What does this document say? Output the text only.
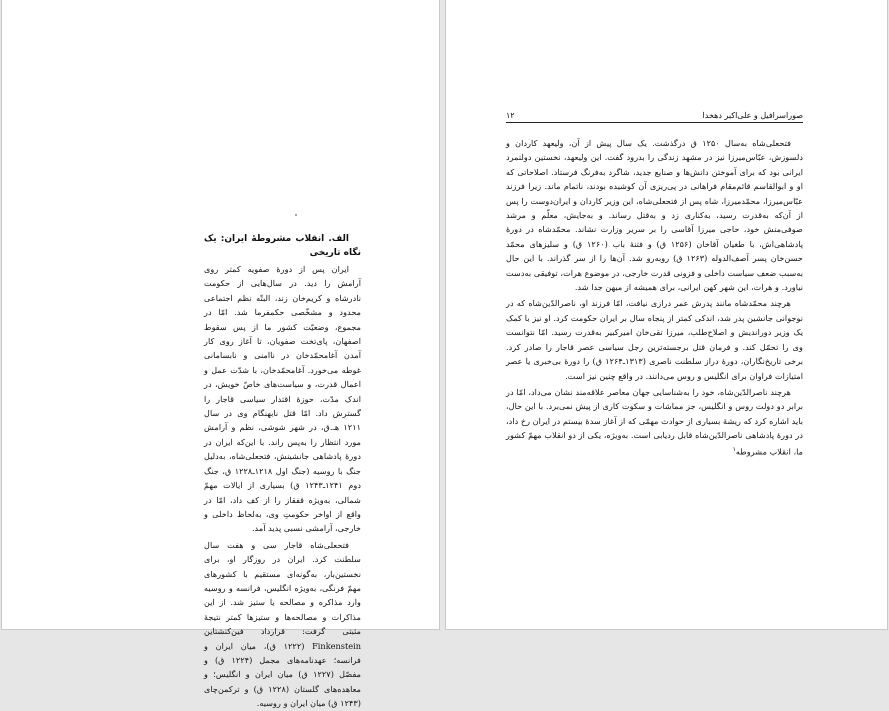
الف. انقلاب مشروطهٔ ایران: یک نگاه تاریخی

ایران پس از دورهٔ صفویه کمتر روی آرامش را دید. در سال‌هایی از حکومت نادرشاه و کریم‌خان زند، البتّه نظم اجتماعی محدود و مشخّصی حکمفرما شد. امّا در مجموع، وضعیّت کشور ما از پس سقوط اصفهان، پای‌تخت صفویان، تا آغاز روی کار آمدن آغامحمّدخان در ناامنی و نابسامانی غوطه می‌خورد. آغامحمّدخان، با شدّت عمل و اعمال قدرت، و سیاست‌های خاصّ خویش، در اندک مدّت، حوزهٔ اقتدار سیاسی قاجار را گسترش داد. امّا قتل نابهنگام وی در سال ۱۲۱۱ هـ.ق، در شهر شوشی، نظم و آرامش مورد انتظار را به‌پس راند. با این‌که ایران در دورهٔ پادشاهی جانشینش، فتحعلی‌شاه، به‌دلیل جنگ با روسیه (جنگ اول ۱۲۱۸ـ۱۲۲۸ ق، جنگ دوم ۱۲۴۱ـ۱۲۴۳ ق) بسیاری از ایالات مهمّ شمالی، به‌ویژه قفقاز را از کف داد، امّا در واقع از اواخر حکومتِ وی، به‌لحاظ داخلی و خارجی، آرامشی نسبی پدید آمد.

فتحعلی‌شاه قاجار سی و هفت سال سلطنت کرد. ایران در روزگار او، برای نخستین‌بار، به‌گونه‌ای مستقیم با کشورهای مهمّ فرنگی، به‌ویژه انگلیس، فرانسه و روسیه وارد مذاکره و مصالحه یا ستیز شد. از این مذاکرات و مصالحه‌ها و ستیزها کمتر نتیجهٔ مثبتی گرفت: قرارداد فین‌کنشتاین Finkenstein (۱۲۲۲ ق)، میان ایران و فرانسه؛ عهدنامه‌های مجمل (۱۲۲۴ ق) و مفصّل (۱۲۲۷ ق) میان ایران و انگلیس؛ و معاهده‌های گلستان (۱۲۲۸ ق) و ترکمن‌چای (۱۲۴۳ ق) میان ایران و روسیه.

صوراسرافیل و علی‌اکبر دهخدا
۱۲

فتحعلی‌شاه به‌سال ۱۲۵۰ ق درگذشت. یک سال پیش از آن، ولیعهد کاردان و دلسوزش، عبّاس‌میرزا نیز در مشهد زندگی را بدرود گفت. این ولیعهد، نخستین دولتمرد ایرانی بود که برای آموختن دانش‌ها و صنایع جدید، شاگرد به‌فرنگ فرستاد. اصلاحاتی که او و ابوالقاسم قائم‌مقام فراهانی در پی‌ریزی آن کوشیده بودند، ناتمام ماند. زیرا فرزند عبّاس‌میرزا، محمّدمیرزا، شاه پس از فتحعلی‌شاه، این وزیر کاردان و ایران‌دوست را پس از آن‌که به‌قدرت رسید، به‌کناری زد و به‌قتل رساند. و به‌جایش، معلّم و مرشد صوفی‌منش خود، حاجی میرزا آقاسی را بر سریر وزارت نشاند. محمّدشاه در دورهٔ پادشاهی‌اش، با طغیان آقاخان (۱۲۵۶ ق) و فتنهٔ باب (۱۲۶۰ ق) و سلیزهای محمّد حسن‌خان پسر آصف‌الدوله (۱۲۶۳ ق) روبه‌رو شد. آن‌ها را از سر گذراند. با این حال به‌سبب ضعف سیاست داخلی و فزونی قدرت خارجی، در موضوع هرات، توفیقی به‌دست نیاورد. و هرات، این شهر کهن ایرانی، برای همیشه از میهن جدا شد.

هرچند محمّدشاه مانند پدرش عمر درازی نیافت، امّا فرزند او، ناصرالدّین‌شاه که در نوجوانی جانشین پدر شد، اندکی کمتر از پنجاه سال بر ایران حکومت کرد. او نیز با کمک یک وزیر دوراندیش و اصلاح‌طلب، میرزا تقی‌خان امیرکبیر به‌قدرت رسید. امّا نتوانست وی را تحمّل کند. و فرمان قتل برجسته‌ترین رجل سیاسی عصر قاجار را صادر کرد. برخی تاریخ‌نگاران، دورهٔ دراز سلطنت ناصری (۱۳۱۳ـ۱۲۶۴ ق) را دورهٔ بی‌خبری یا عصر امتیازات فراوان برای انگلیس و روس می‌دانند. در واقع چنین نیز است.

هرچند ناصرالدّین‌شاه، خود را به‌شناسایی جهان معاصر علاقه‌مند نشان می‌داد، امّا در برابر دو دولت روس و انگلیس، جز مماشات و سکوت کاری از پیش نمی‌برد. با این حال، باید اشاره کرد که ریشهٔ بسیاری از حوادث مهمّی که از آغاز سدهٔ بیستم در ایران رخ داد، در دورهٔ پادشاهی ناصرالدّین‌شاه قابل ردیابی است. به‌ویژه، یکی از دو انقلاب مهمّ کشور ما، انقلاب مشروطه$^۱$
